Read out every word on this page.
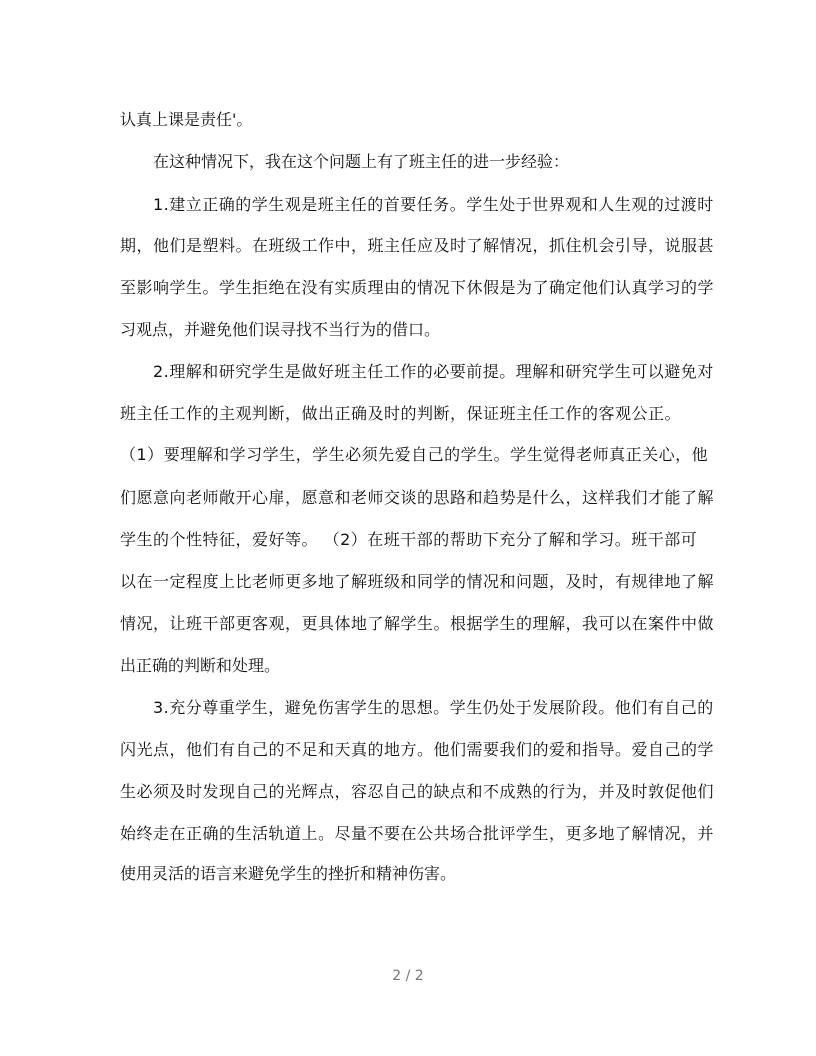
认真上课是责任'。
在这种情况下，我在这个问题上有了班主任的进一步经验：
1.建立正确的学生观是班主任的首要任务。学生处于世界观和人生观的过渡时
期，他们是塑料。在班级工作中，班主任应及时了解情况，抓住机会引导，说服甚
至影响学生。学生拒绝在没有实质理由的情况下休假是为了确定他们认真学习的学
习观点，并避免他们误寻找不当行为的借口。
2.理解和研究学生是做好班主任工作的必要前提。理解和研究学生可以避免对
班主任工作的主观判断，做出正确及时的判断，保证班主任工作的客观公正。
（1）要理解和学习学生，学生必须先爱自己的学生。学生觉得老师真正关心，他
们愿意向老师敞开心扉，愿意和老师交谈的思路和趋势是什么，这样我们才能了解
学生的个性特征，爱好等。 （2）在班干部的帮助下充分了解和学习。班干部可
以在一定程度上比老师更多地了解班级和同学的情况和问题，及时，有规律地了解
情况，让班干部更客观，更具体地了解学生。根据学生的理解，我可以在案件中做
出正确的判断和处理。
3.充分尊重学生，避免伤害学生的思想。学生仍处于发展阶段。他们有自己的
闪光点，他们有自己的不足和天真的地方。他们需要我们的爱和指导。爱自己的学
生必须及时发现自己的光辉点，容忍自己的缺点和不成熟的行为，并及时敦促他们
始终走在正确的生活轨道上。尽量不要在公共场合批评学生，更多地了解情况，并
使用灵活的语言来避免学生的挫折和精神伤害。
2 / 2
